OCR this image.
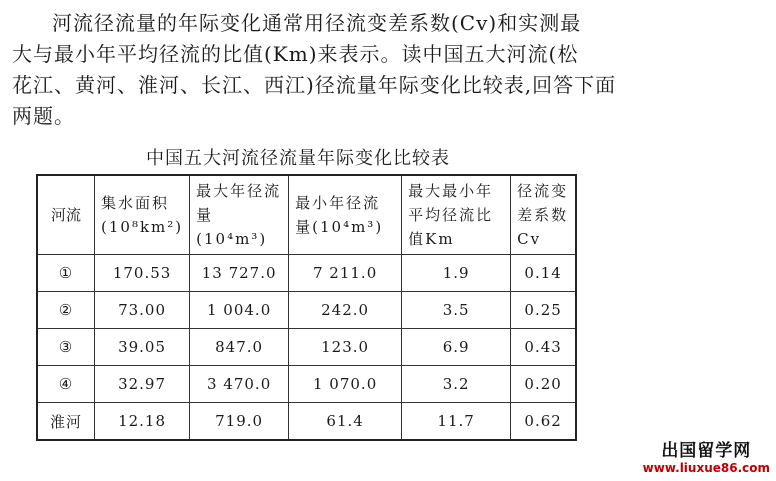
河流径流量的年际变化通常用径流变差系数(Cv)和实测最
大与最小年平均径流的比值(Km)来表示。读中国五大河流(松
花江、黄河、淮河、长江、西江)径流量年际变化比较表,回答下面
两题。
中国五大河流径流量年际变化比较表
河流	集水面积(10⁸km²)	最大年径流量(10⁴m³)	最小年径流量(10⁴m³)	最大最小年平均径流比值Km	径流变差系数Cv
①	170.53	13 727.0	7 211.0	1.9	0.14
②	73.00	1 004.0	242.0	3.5	0.25
③	39.05	847.0	123.0	6.9	0.43
④	32.97	3 470.0	1 070.0	3.2	0.20
淮河	12.18	719.0	61.4	11.7	0.62
出国留学网
www.liuxue86.com
